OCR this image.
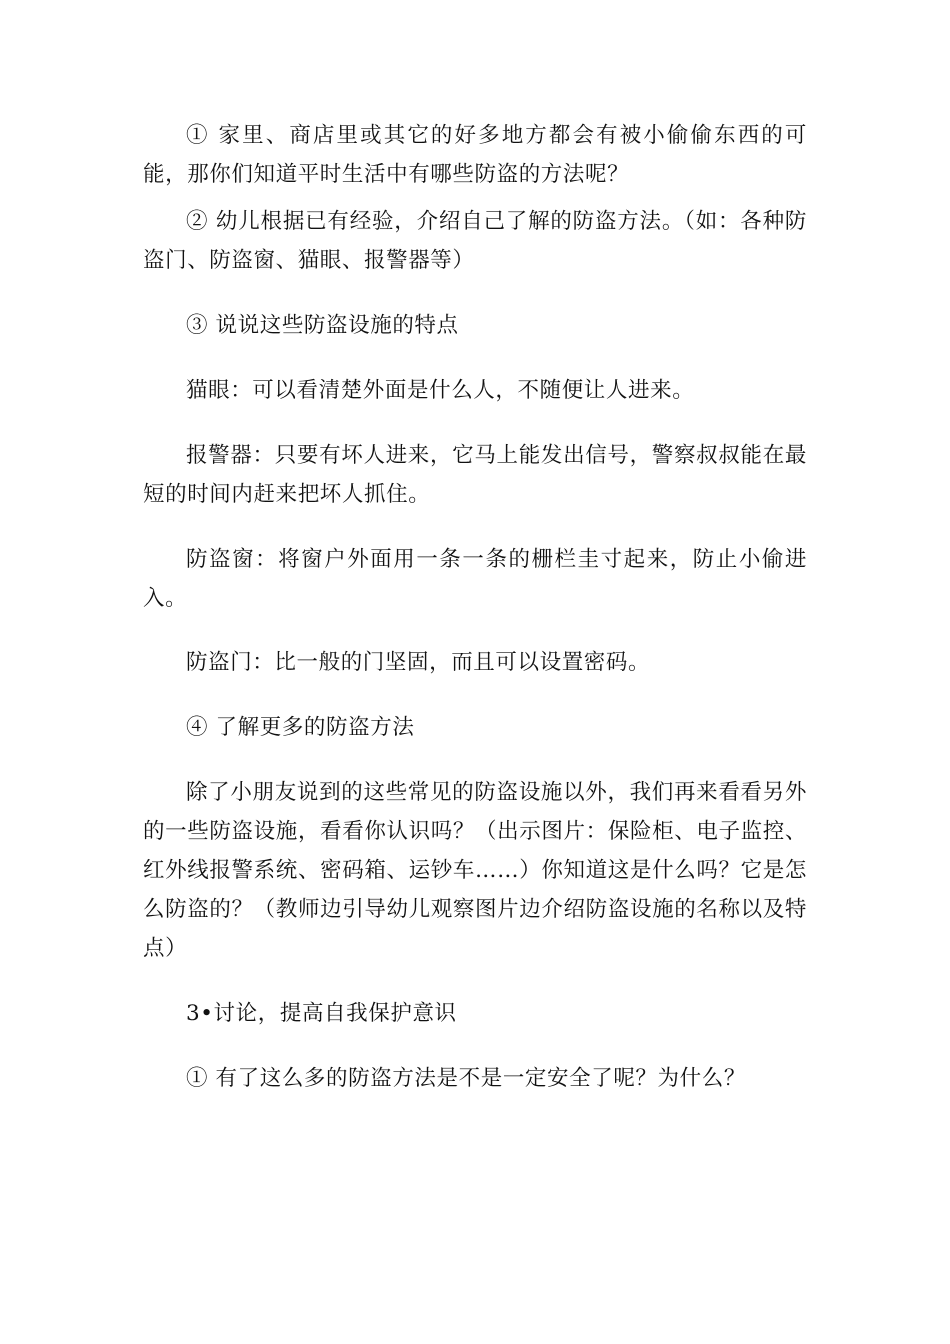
① 家里、商店里或其它的好多地方都会有被小偷偷东西的可能，那你们知道平时生活中有哪些防盗的方法呢？

② 幼儿根据已有经验，介绍自己了解的防盗方法。（如：各种防盗门、防盗窗、猫眼、报警器等）

③ 说说这些防盗设施的特点

猫眼：可以看清楚外面是什么人，不随便让人进来。

报警器：只要有坏人进来，它马上能发出信号，警察叔叔能在最短的时间内赶来把坏人抓住。

防盗窗：将窗户外面用一条一条的栅栏圭寸起来，防止小偷进入。

防盗门：比一般的门坚固，而且可以设置密码。

④ 了解更多的防盗方法

除了小朋友说到的这些常见的防盗设施以外，我们再来看看另外的一些防盗设施，看看你认识吗？（出示图片：保险柜、电子监控、红外线报警系统、密码箱、运钞车……）你知道这是什么吗？它是怎么防盗的？（教师边引导幼儿观察图片边介绍防盗设施的名称以及特点）

3•讨论，提高自我保护意识

① 有了这么多的防盗方法是不是一定安全了呢？为什么？
